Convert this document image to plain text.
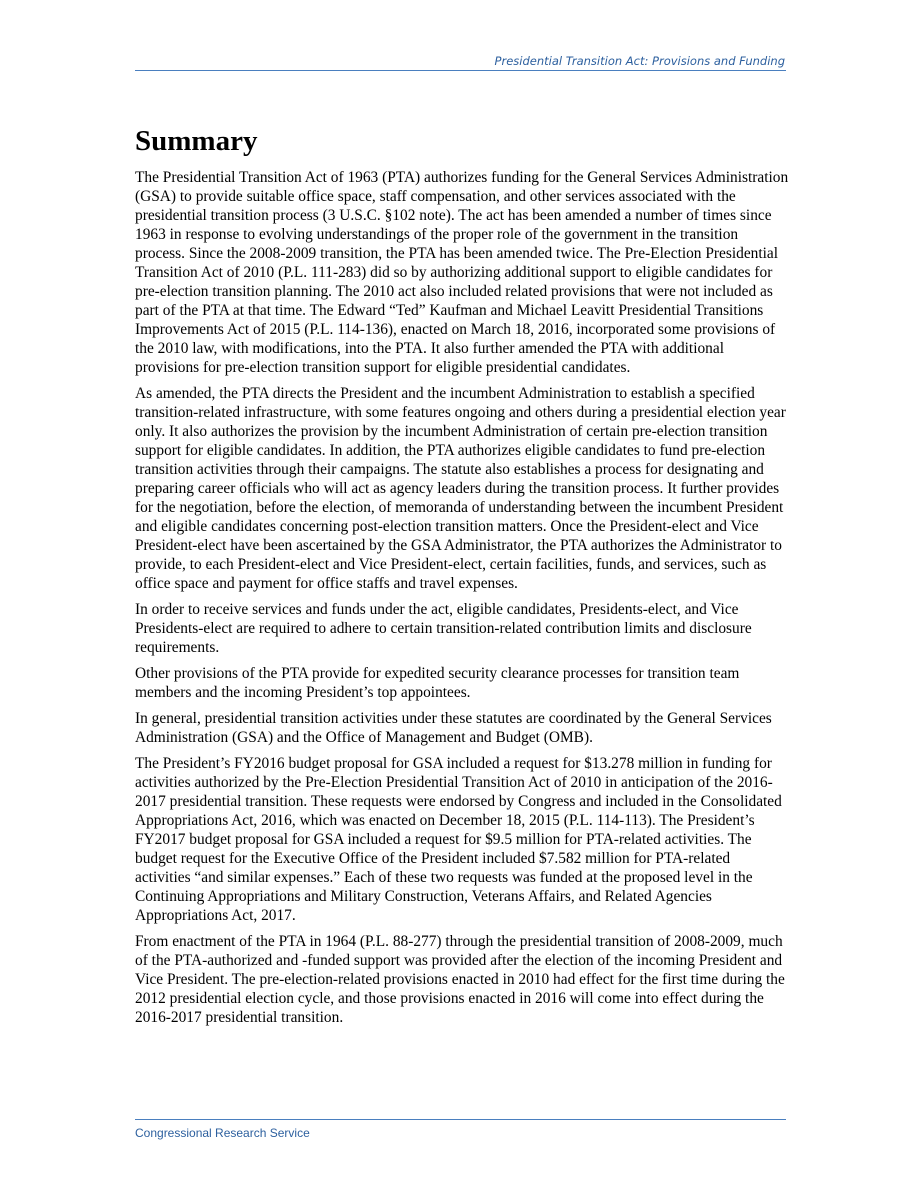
Presidential Transition Act: Provisions and Funding
Summary

The Presidential Transition Act of 1963 (PTA) authorizes funding for the General Services Administration (GSA) to provide suitable office space, staff compensation, and other services associated with the presidential transition process (3 U.S.C. §102 note). The act has been amended a number of times since 1963 in response to evolving understandings of the proper role of the government in the transition process. Since the 2008-2009 transition, the PTA has been amended twice. The Pre-Election Presidential Transition Act of 2010 (P.L. 111-283) did so by authorizing additional support to eligible candidates for pre-election transition planning. The 2010 act also included related provisions that were not included as part of the PTA at that time. The Edward “Ted” Kaufman and Michael Leavitt Presidential Transitions Improvements Act of 2015 (P.L. 114-136), enacted on March 18, 2016, incorporated some provisions of the 2010 law, with modifications, into the PTA. It also further amended the PTA with additional provisions for pre-election transition support for eligible presidential candidates.

As amended, the PTA directs the President and the incumbent Administration to establish a specified transition-related infrastructure, with some features ongoing and others during a presidential election year only. It also authorizes the provision by the incumbent Administration of certain pre-election transition support for eligible candidates. In addition, the PTA authorizes eligible candidates to fund pre-election transition activities through their campaigns. The statute also establishes a process for designating and preparing career officials who will act as agency leaders during the transition process. It further provides for the negotiation, before the election, of memoranda of understanding between the incumbent President and eligible candidates concerning post-election transition matters. Once the President-elect and Vice President-elect have been ascertained by the GSA Administrator, the PTA authorizes the Administrator to provide, to each President-elect and Vice President-elect, certain facilities, funds, and services, such as office space and payment for office staffs and travel expenses.

In order to receive services and funds under the act, eligible candidates, Presidents-elect, and Vice Presidents-elect are required to adhere to certain transition-related contribution limits and disclosure requirements.

Other provisions of the PTA provide for expedited security clearance processes for transition team members and the incoming President’s top appointees.

In general, presidential transition activities under these statutes are coordinated by the General Services Administration (GSA) and the Office of Management and Budget (OMB).

The President’s FY2016 budget proposal for GSA included a request for $13.278 million in funding for activities authorized by the Pre-Election Presidential Transition Act of 2010 in anticipation of the 2016-2017 presidential transition. These requests were endorsed by Congress and included in the Consolidated Appropriations Act, 2016, which was enacted on December 18, 2015 (P.L. 114-113). The President’s FY2017 budget proposal for GSA included a request for $9.5 million for PTA-related activities. The budget request for the Executive Office of the President included $7.582 million for PTA-related activities “and similar expenses.” Each of these two requests was funded at the proposed level in the Continuing Appropriations and Military Construction, Veterans Affairs, and Related Agencies Appropriations Act, 2017.

From enactment of the PTA in 1964 (P.L. 88-277) through the presidential transition of 2008-2009, much of the PTA-authorized and -funded support was provided after the election of the incoming President and Vice President. The pre-election-related provisions enacted in 2010 had effect for the first time during the 2012 presidential election cycle, and those provisions enacted in 2016 will come into effect during the 2016-2017 presidential transition.

Congressional Research Service
